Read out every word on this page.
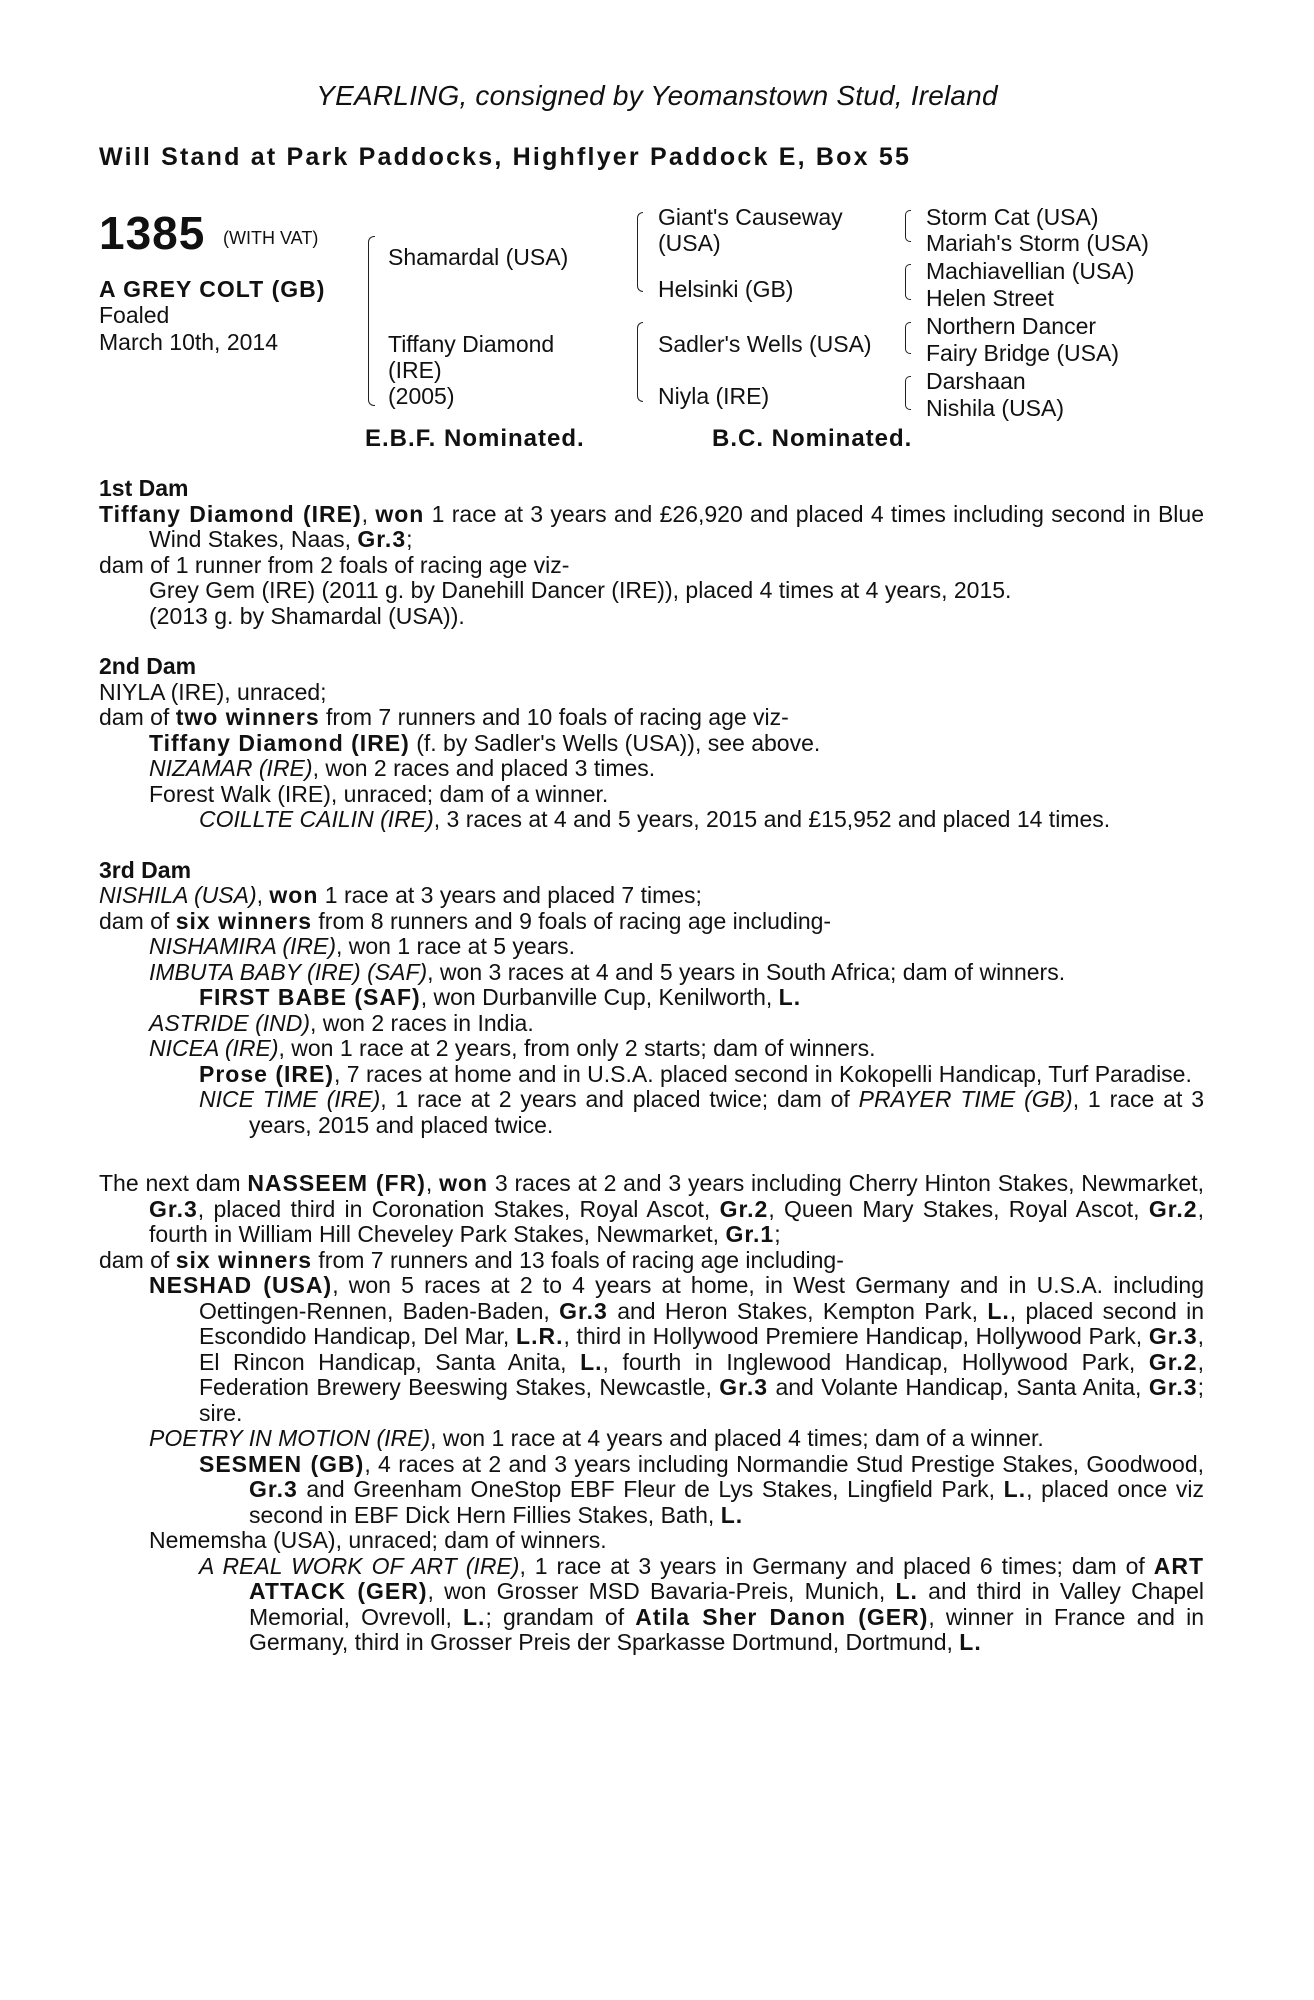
YEARLING, consigned by Yeomanstown Stud, Ireland
Will Stand at Park Paddocks, Highflyer Paddock E, Box 55
1385 (WITH VAT)
A GREY COLT (GB)
Foaled
March 10th, 2014
Shamardal (USA)
Tiffany Diamond
(IRE)
(2005)
Giant's Causeway
(USA)
Helsinki (GB)
Sadler's Wells (USA)
Niyla (IRE)
Storm Cat (USA)
Mariah's Storm (USA)
Machiavellian (USA)
Helen Street
Northern Dancer
Fairy Bridge (USA)
Darshaan
Nishila (USA)
E.B.F. Nominated.	B.C. Nominated.

1st Dam

Tiffany Diamond (IRE), won 1 race at 3 years and £26,920 and placed 4 times including second in Blue Wind Stakes, Naas, Gr.3;

dam of 1 runner from 2 foals of racing age viz-

Grey Gem (IRE) (2011 g. by Danehill Dancer (IRE)), placed 4 times at 4 years, 2015.

(2013 g. by Shamardal (USA)).

2nd Dam

NIYLA (IRE), unraced;

dam of two winners from 7 runners and 10 foals of racing age viz-

Tiffany Diamond (IRE) (f. by Sadler's Wells (USA)), see above.

NIZAMAR (IRE), won 2 races and placed 3 times.

Forest Walk (IRE), unraced; dam of a winner.

COILLTE CAILIN (IRE), 3 races at 4 and 5 years, 2015 and £15,952 and placed 14 times.

3rd Dam

NISHILA (USA), won 1 race at 3 years and placed 7 times;

dam of six winners from 8 runners and 9 foals of racing age including-

NISHAMIRA (IRE), won 1 race at 5 years.

IMBUTA BABY (IRE) (SAF), won 3 races at 4 and 5 years in South Africa; dam of winners.

FIRST BABE (SAF), won Durbanville Cup, Kenilworth, L.

ASTRIDE (IND), won 2 races in India.

NICEA (IRE), won 1 race at 2 years, from only 2 starts; dam of winners.

Prose (IRE), 7 races at home and in U.S.A. placed second in Kokopelli Handicap, Turf Paradise.

NICE TIME (IRE), 1 race at 2 years and placed twice; dam of PRAYER TIME (GB), 1 race at 3 years, 2015 and placed twice.

The next dam NASSEEM (FR), won 3 races at 2 and 3 years including Cherry Hinton Stakes, Newmarket, Gr.3, placed third in Coronation Stakes, Royal Ascot, Gr.2, Queen Mary Stakes, Royal Ascot, Gr.2, fourth in William Hill Cheveley Park Stakes, Newmarket, Gr.1;

dam of six winners from 7 runners and 13 foals of racing age including-

NESHAD (USA), won 5 races at 2 to 4 years at home, in West Germany and in U.S.A. including Oettingen-Rennen, Baden-Baden, Gr.3 and Heron Stakes, Kempton Park, L., placed second in Escondido Handicap, Del Mar, L.R., third in Hollywood Premiere Handicap, Hollywood Park, Gr.3, El Rincon Handicap, Santa Anita, L., fourth in Inglewood Handicap, Hollywood Park, Gr.2, Federation Brewery Beeswing Stakes, Newcastle, Gr.3 and Volante Handicap, Santa Anita, Gr.3; sire.

POETRY IN MOTION (IRE), won 1 race at 4 years and placed 4 times; dam of a winner.

SESMEN (GB), 4 races at 2 and 3 years including Normandie Stud Prestige Stakes, Goodwood, Gr.3 and Greenham OneStop EBF Fleur de Lys Stakes, Lingfield Park, L., placed once viz second in EBF Dick Hern Fillies Stakes, Bath, L.

Nememsha (USA), unraced; dam of winners.

A REAL WORK OF ART (IRE), 1 race at 3 years in Germany and placed 6 times; dam of ART ATTACK (GER), won Grosser MSD Bavaria-Preis, Munich, L. and third in Valley Chapel Memorial, Ovrevoll, L.; grandam of Atila Sher Danon (GER), winner in France and in Germany, third in Grosser Preis der Sparkasse Dortmund, Dortmund, L.
